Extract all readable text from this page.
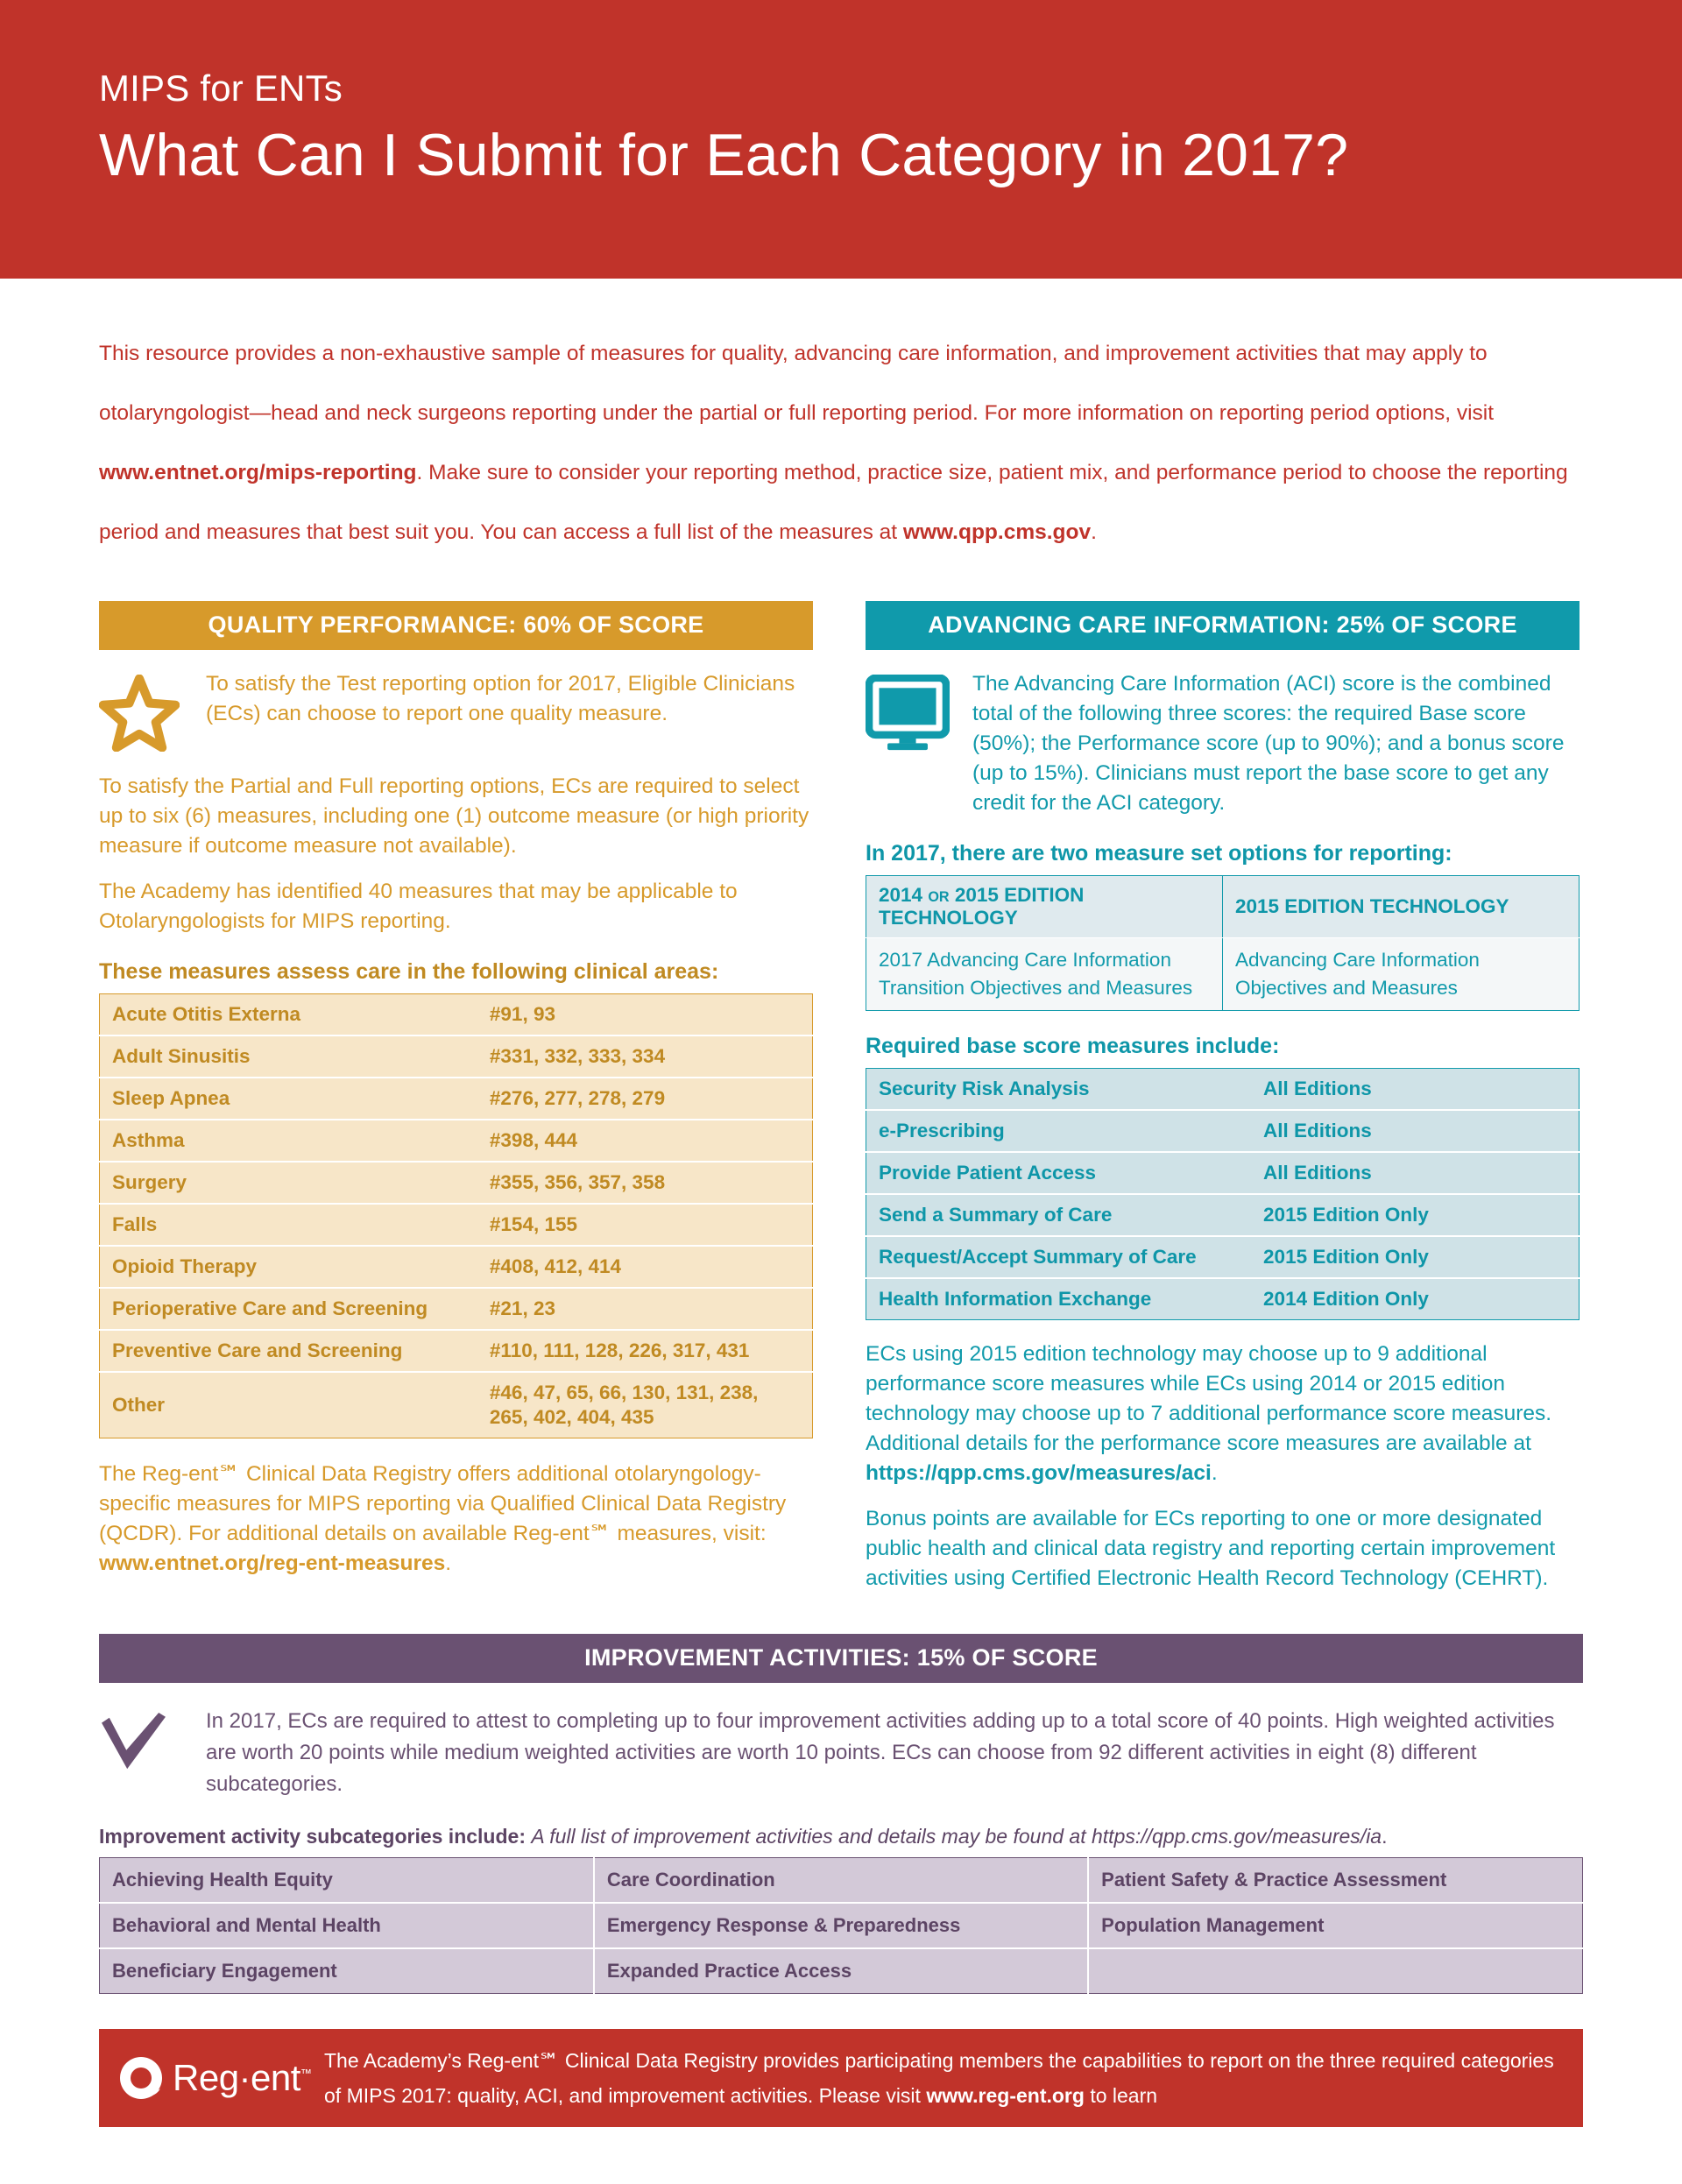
MIPS for ENTs
What Can I Submit for Each Category in 2017?
This resource provides a non-exhaustive sample of measures for quality, advancing care information, and improvement activities that may apply to otolaryngologist—head and neck surgeons reporting under the partial or full reporting period. For more information on reporting period options, visit www.entnet.org/mips-reporting. Make sure to consider your reporting method, practice size, patient mix, and performance period to choose the reporting period and measures that best suit you. You can access a full list of the measures at www.qpp.cms.gov.
QUALITY PERFORMANCE: 60% OF SCORE
To satisfy the Test reporting option for 2017, Eligible Clinicians (ECs) can choose to report one quality measure.
To satisfy the Partial and Full reporting options, ECs are required to select up to six (6) measures, including one (1) outcome measure (or high priority measure if outcome measure not available).
The Academy has identified 40 measures that may be applicable to Otolaryngologists for MIPS reporting.
These measures assess care in the following clinical areas:
Acute Otitis Externa	#91, 93
Adult Sinusitis	#331, 332, 333, 334
Sleep Apnea	#276, 277, 278, 279
Asthma	#398, 444
Surgery	#355, 356, 357, 358
Falls	#154, 155
Opioid Therapy	#408, 412, 414
Perioperative Care and Screening	#21, 23
Preventive Care and Screening	#110, 111, 128, 226, 317, 431
Other	#46, 47, 65, 66, 130, 131, 238, 265, 402, 404, 435
The Reg-ent℠ Clinical Data Registry offers additional otolaryngology-specific measures for MIPS reporting via Qualified Clinical Data Registry (QCDR). For additional details on available Reg-ent℠ measures, visit: www.entnet.org/reg-ent-measures.
ADVANCING CARE INFORMATION: 25% OF SCORE
The Advancing Care Information (ACI) score is the combined total of the following three scores: the required Base score (50%); the Performance score (up to 90%); and a bonus score (up to 15%). Clinicians must report the base score to get any credit for the ACI category.
In 2017, there are two measure set options for reporting:
2014 OR 2015 EDITION TECHNOLOGY	2015 EDITION TECHNOLOGY
2017 Advancing Care Information Transition Objectives and Measures	Advancing Care Information Objectives and Measures
Required base score measures include:
Security Risk Analysis	All Editions
e-Prescribing	All Editions
Provide Patient Access	All Editions
Send a Summary of Care	2015 Edition Only
Request/Accept Summary of Care	2015 Edition Only
Health Information Exchange	2014 Edition Only
ECs using 2015 edition technology may choose up to 9 additional performance score measures while ECs using 2014 or 2015 edition technology may choose up to 7 additional performance score measures. Additional details for the performance score measures are available at https://qpp.cms.gov/measures/aci.
Bonus points are available for ECs reporting to one or more designated public health and clinical data registry and reporting certain improvement activities using Certified Electronic Health Record Technology (CEHRT).
IMPROVEMENT ACTIVITIES: 15% OF SCORE
In 2017, ECs are required to attest to completing up to four improvement activities adding up to a total score of 40 points. High weighted activities are worth 20 points while medium weighted activities are worth 10 points. ECs can choose from 92 different activities in eight (8) different subcategories.
Improvement activity subcategories include: A full list of improvement activities and details may be found at https://qpp.cms.gov/measures/ia.
Achieving Health Equity	Care Coordination	Patient Safety & Practice Assessment
Behavioral and Mental Health	Emergency Response & Preparedness	Population Management
Beneficiary Engagement	Expanded Practice Access	
Reg·ent™
The Academy’s Reg-ent℠ Clinical Data Registry provides participating members the capabilities to report on the three required categories of MIPS 2017: quality, ACI, and improvement activities. Please visit www.reg-ent.org to learn
